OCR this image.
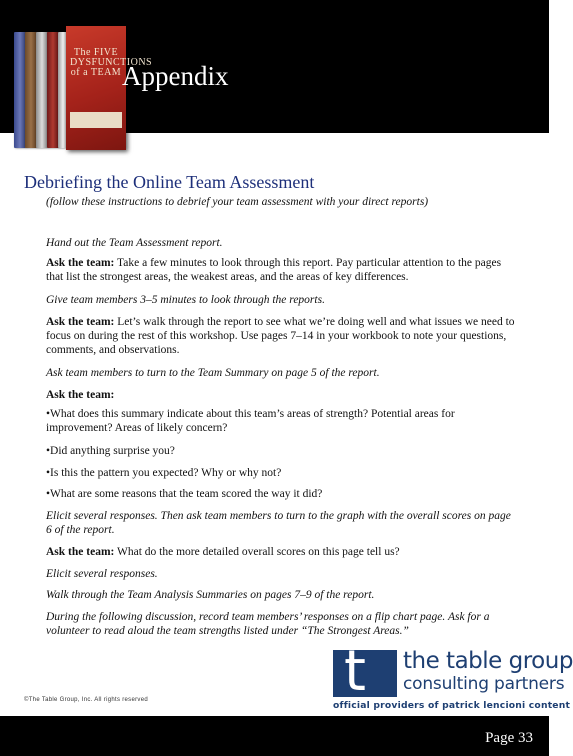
The FIVE DYSFUNCTIONS of a TEAM Appendix
Debriefing the Online Team Assessment
(follow these instructions to debrief your team assessment with your direct reports)
Hand out the Team Assessment report.
Ask the team: Take a few minutes to look through this report. Pay particular attention to the pages that list the strongest areas, the weakest areas, and the areas of key differences.
Give team members 3–5 minutes to look through the reports.
Ask the team: Let’s walk through the report to see what we’re doing well and what issues we need to focus on during the rest of this workshop. Use pages 7–14 in your workbook to note your questions, comments, and observations.
Ask team members to turn to the Team Summary on page 5 of the report.
Ask the team:
•What does this summary indicate about this team’s areas of strength? Potential areas for improvement? Areas of likely concern?
•Did anything surprise you?
•Is this the pattern you expected? Why or why not?
•What are some reasons that the team scored the way it did?
Elicit several responses. Then ask team members to turn to the graph with the overall scores on page 6 of the report.
Ask the team: What do the more detailed overall scores on this page tell us?
Elicit several responses.
Walk through the Team Analysis Summaries on pages 7–9 of the report.
During the following discussion, record team members’ responses on a flip chart page. Ask for a volunteer to read aloud the team strengths listed under “The Strongest Areas.”
©The Table Group, Inc. All rights reserved	t the table group
consulting partners
official providers of patrick lencioni content
Page 33
